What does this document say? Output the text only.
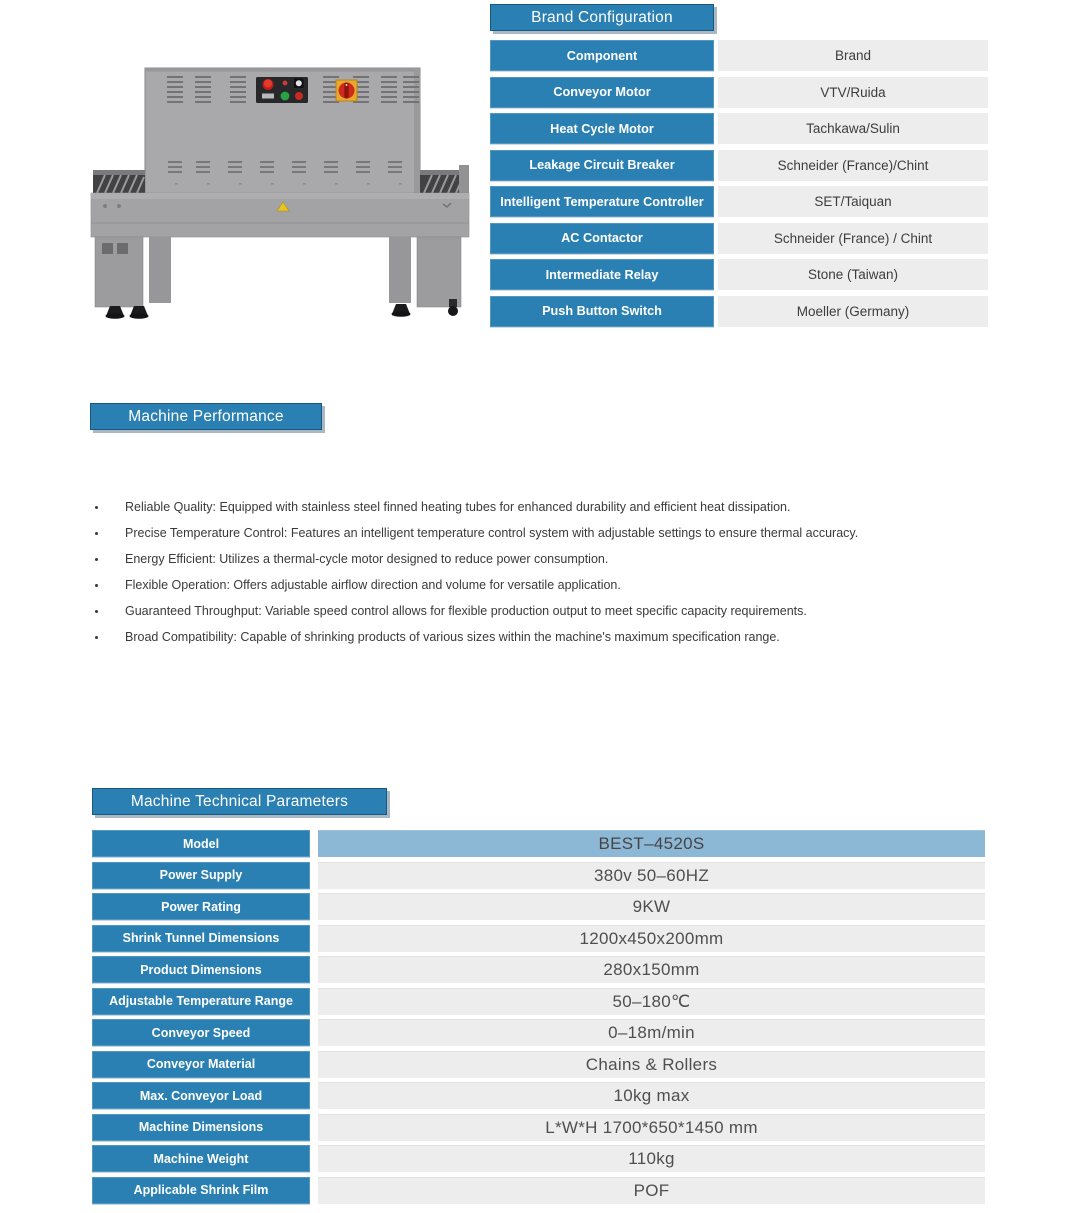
Brand Configuration
Component	Brand
Conveyor Motor	VTV/Ruida
Heat Cycle Motor	Tachkawa/Sulin
Leakage Circuit Breaker	Schneider (France)/Chint
Intelligent Temperature Controller	SET/Taiquan
AC Contactor	Schneider (France) / Chint
Intermediate Relay	Stone (Taiwan)
Push Button Switch	Moeller (Germany)
Machine Performance
Reliable Quality: Equipped with stainless steel finned heating tubes for enhanced durability and efficient heat dissipation.
Precise Temperature Control: Features an intelligent temperature control system with adjustable settings to ensure thermal accuracy.
Energy Efficient: Utilizes a thermal-cycle motor designed to reduce power consumption.
Flexible Operation: Offers adjustable airflow direction and volume for versatile application.
Guaranteed Throughput: Variable speed control allows for flexible production output to meet specific capacity requirements.
Broad Compatibility: Capable of shrinking products of various sizes within the machine's maximum specification range.
Machine Technical Parameters
Model	BEST–4520S
Power Supply	380v 50–60HZ
Power Rating	9KW
Shrink Tunnel Dimensions	1200x450x200mm
Product Dimensions	280x150mm
Adjustable Temperature Range	50–180℃
Conveyor Speed	0–18m/min
Conveyor Material	Chains & Rollers
Max. Conveyor Load	10kg max
Machine Dimensions	L*W*H 1700*650*1450 mm
Machine Weight	110kg
Applicable Shrink Film	POF
